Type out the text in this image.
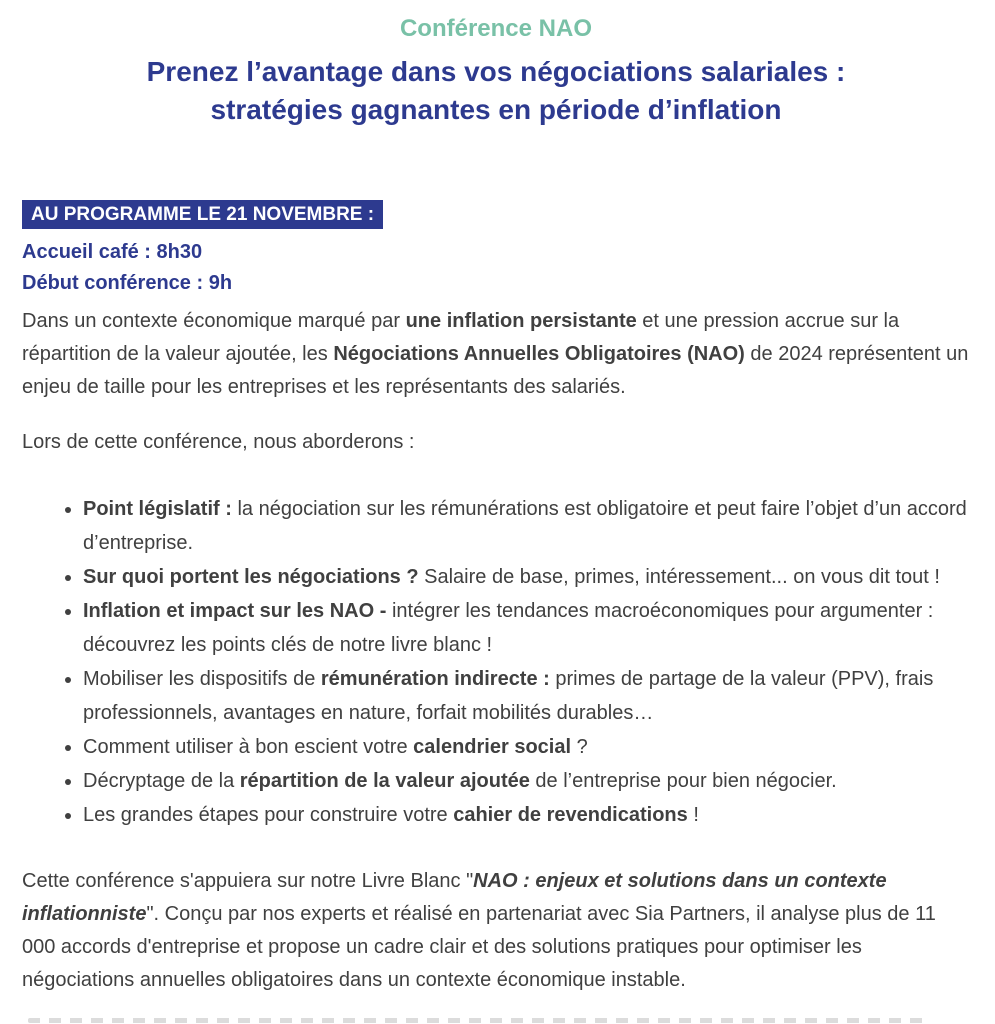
Conférence NAO
Prenez l’avantage dans vos négociations salariales :
stratégies gagnantes en période d’inflation
AU PROGRAMME LE 21 NOVEMBRE :
Accueil café : 8h30
Début conférence : 9h

Dans un contexte économique marqué par une inflation persistante et une pression accrue sur la répartition de la valeur ajoutée, les Négociations Annuelles Obligatoires (NAO) de 2024 représentent un enjeu de taille pour les entreprises et les représentants des salariés.

Lors de cette conférence, nous aborderons :

• Point législatif : la négociation sur les rémunérations est obligatoire et peut faire l’objet d’un accord d’entreprise.
• Sur quoi portent les négociations ? Salaire de base, primes, intéressement... on vous dit tout !
• Inflation et impact sur les NAO - intégrer les tendances macroéconomiques pour argumenter : découvrez les points clés de notre livre blanc !
• Mobiliser les dispositifs de rémunération indirecte : primes de partage de la valeur (PPV), frais professionnels, avantages en nature, forfait mobilités durables…
• Comment utiliser à bon escient votre calendrier social ?
• Décryptage de la répartition de la valeur ajoutée de l’entreprise pour bien négocier.
• Les grandes étapes pour construire votre cahier de revendications !

Cette conférence s'appuiera sur notre Livre Blanc "NAO : enjeux et solutions dans un contexte inflationniste". Conçu par nos experts et réalisé en partenariat avec Sia Partners, il analyse plus de 11 000 accords d'entreprise et propose un cadre clair et des solutions pratiques pour optimiser les négociations annuelles obligatoires dans un contexte économique instable.
